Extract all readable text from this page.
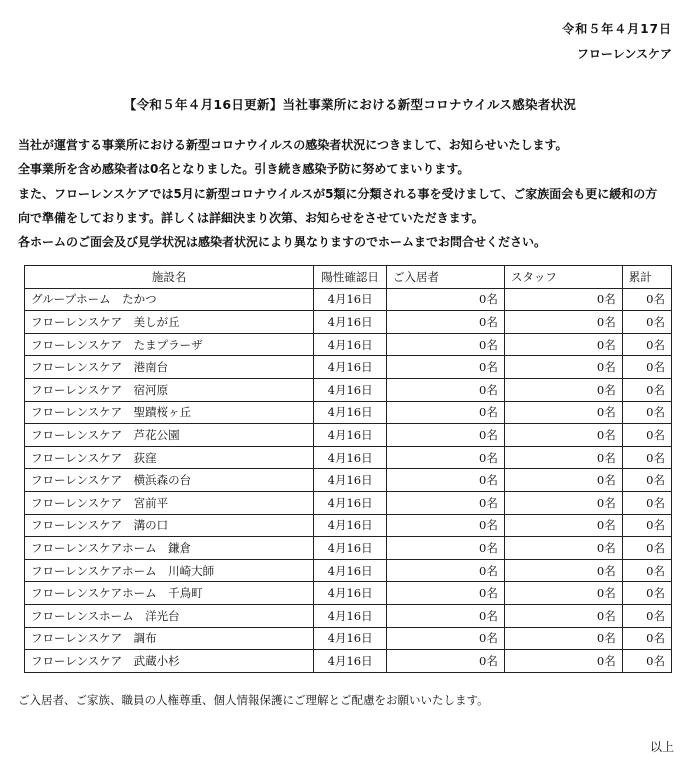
令和５年４月17日
フローレンスケア
【令和５年４月16日更新】当社事業所における新型コロナウイルス感染者状況

当社が運営する事業所における新型コロナウイルスの感染者状況につきまして、お知らせいたします。

全事業所を含め感染者は0名となりました。引き続き感染予防に努めてまいります。

また、フローレンスケアでは5月に新型コロナウイルスが5類に分類される事を受けまして、ご家族面会も更に緩和の方

向で準備をしております。詳しくは詳細決まり次第、お知らせをさせていただきます。

各ホームのご面会及び見学状況は感染者状況により異なりますのでホームまでお問合せください。

施設名	陽性確認日	ご入居者	スタッフ	累計
グループホーム　たかつ	4月16日	0名	0名	0名
フローレンスケア　美しが丘	4月16日	0名	0名	0名
フローレンスケア　たまプラーザ	4月16日	0名	0名	0名
フローレンスケア　港南台	4月16日	0名	0名	0名
フローレンスケア　宿河原	4月16日	0名	0名	0名
フローレンスケア　聖蹟桜ヶ丘	4月16日	0名	0名	0名
フローレンスケア　芦花公園	4月16日	0名	0名	0名
フローレンスケア　荻窪	4月16日	0名	0名	0名
フローレンスケア　横浜森の台	4月16日	0名	0名	0名
フローレンスケア　宮前平	4月16日	0名	0名	0名
フローレンスケア　溝の口	4月16日	0名	0名	0名
フローレンスケアホーム　鎌倉	4月16日	0名	0名	0名
フローレンスケアホーム　川崎大師	4月16日	0名	0名	0名
フローレンスケアホーム　千鳥町	4月16日	0名	0名	0名
フローレンスホーム　洋光台	4月16日	0名	0名	0名
フローレンスケア　調布	4月16日	0名	0名	0名
フローレンスケア　武蔵小杉	4月16日	0名	0名	0名
ご入居者、ご家族、職員の人権尊重、個人情報保護にご理解とご配慮をお願いいたします。
以上
